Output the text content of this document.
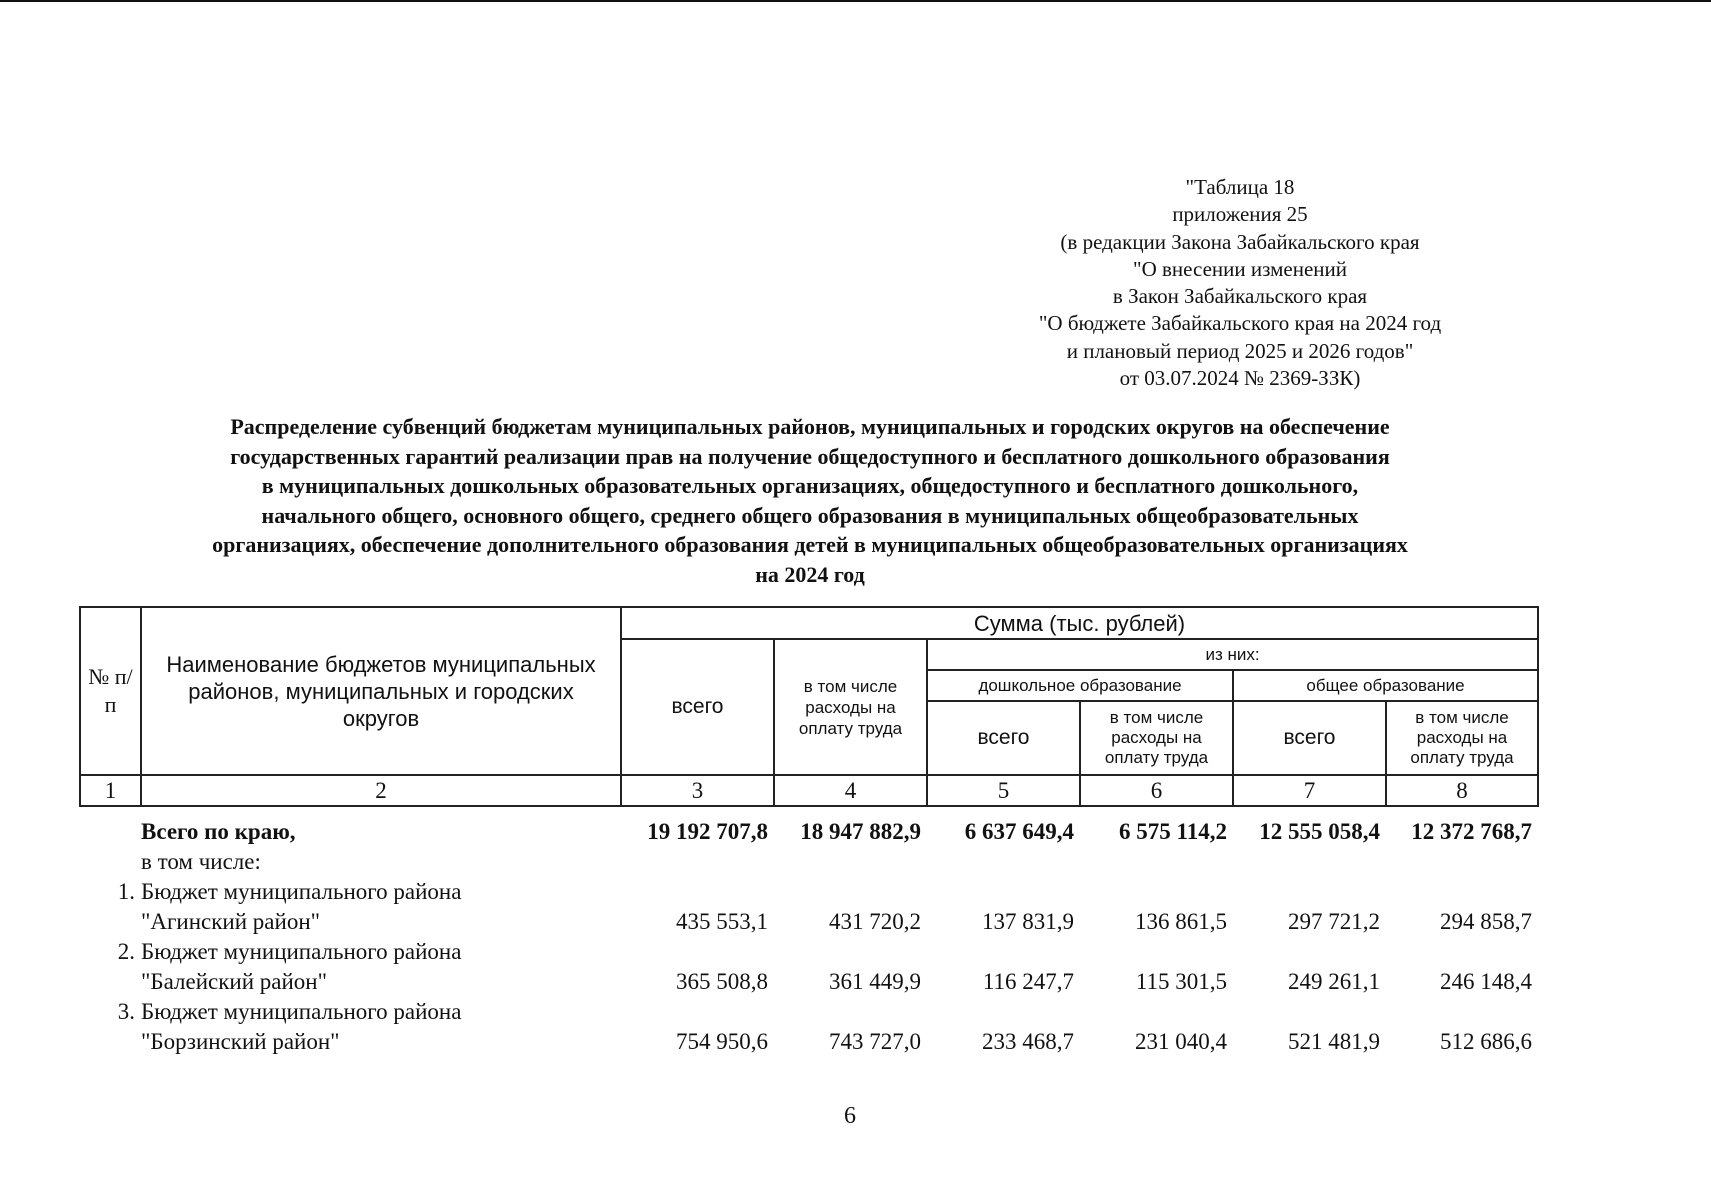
"Таблица 18
приложения 25
(в редакции Закона Забайкальского края
"О внесении изменений
в Закон Забайкальского края
"О бюджете Забайкальского края на 2024 год
и плановый период 2025 и 2026 годов"
от 03.07.2024 № 2369-ЗЗК)
Распределение субвенций бюджетам муниципальных районов, муниципальных и городских округов на обеспечение
государственных гарантий реализации прав на получение общедоступного и бесплатного дошкольного образования
в муниципальных дошкольных образовательных организациях, общедоступного и бесплатного дошкольного,
начального общего, основного общего, среднего общего образования в муниципальных общеобразовательных
организациях, обеспечение дополнительного образования детей в муниципальных общеобразовательных организациях
на 2024 год
№ п/п	Наименование бюджетов муниципальных районов, муниципальных и городских округов	Сумма (тыс. рублей)					
		всего	в том числе расходы на оплату труда	из них:			
				дошкольное образование		общее образование	
				всего	в том числе расходы на оплату труда	всего	в том числе расходы на оплату труда
1	2	3	4	5	6	7	8
	Всего по краю,	19 192 707,8	18 947 882,9	6 637 649,4	6 575 114,2	12 555 058,4	12 372 768,7
	в том числе:						
1.	Бюджет муниципального района
"Агинский район"	435 553,1	431 720,2	137 831,9	136 861,5	297 721,2	294 858,7
2.	Бюджет муниципального района
"Балейский район"	365 508,8	361 449,9	116 247,7	115 301,5	249 261,1	246 148,4
3.	Бюджет муниципального района
"Борзинский район"	754 950,6	743 727,0	233 468,7	231 040,4	521 481,9	512 686,6
6
